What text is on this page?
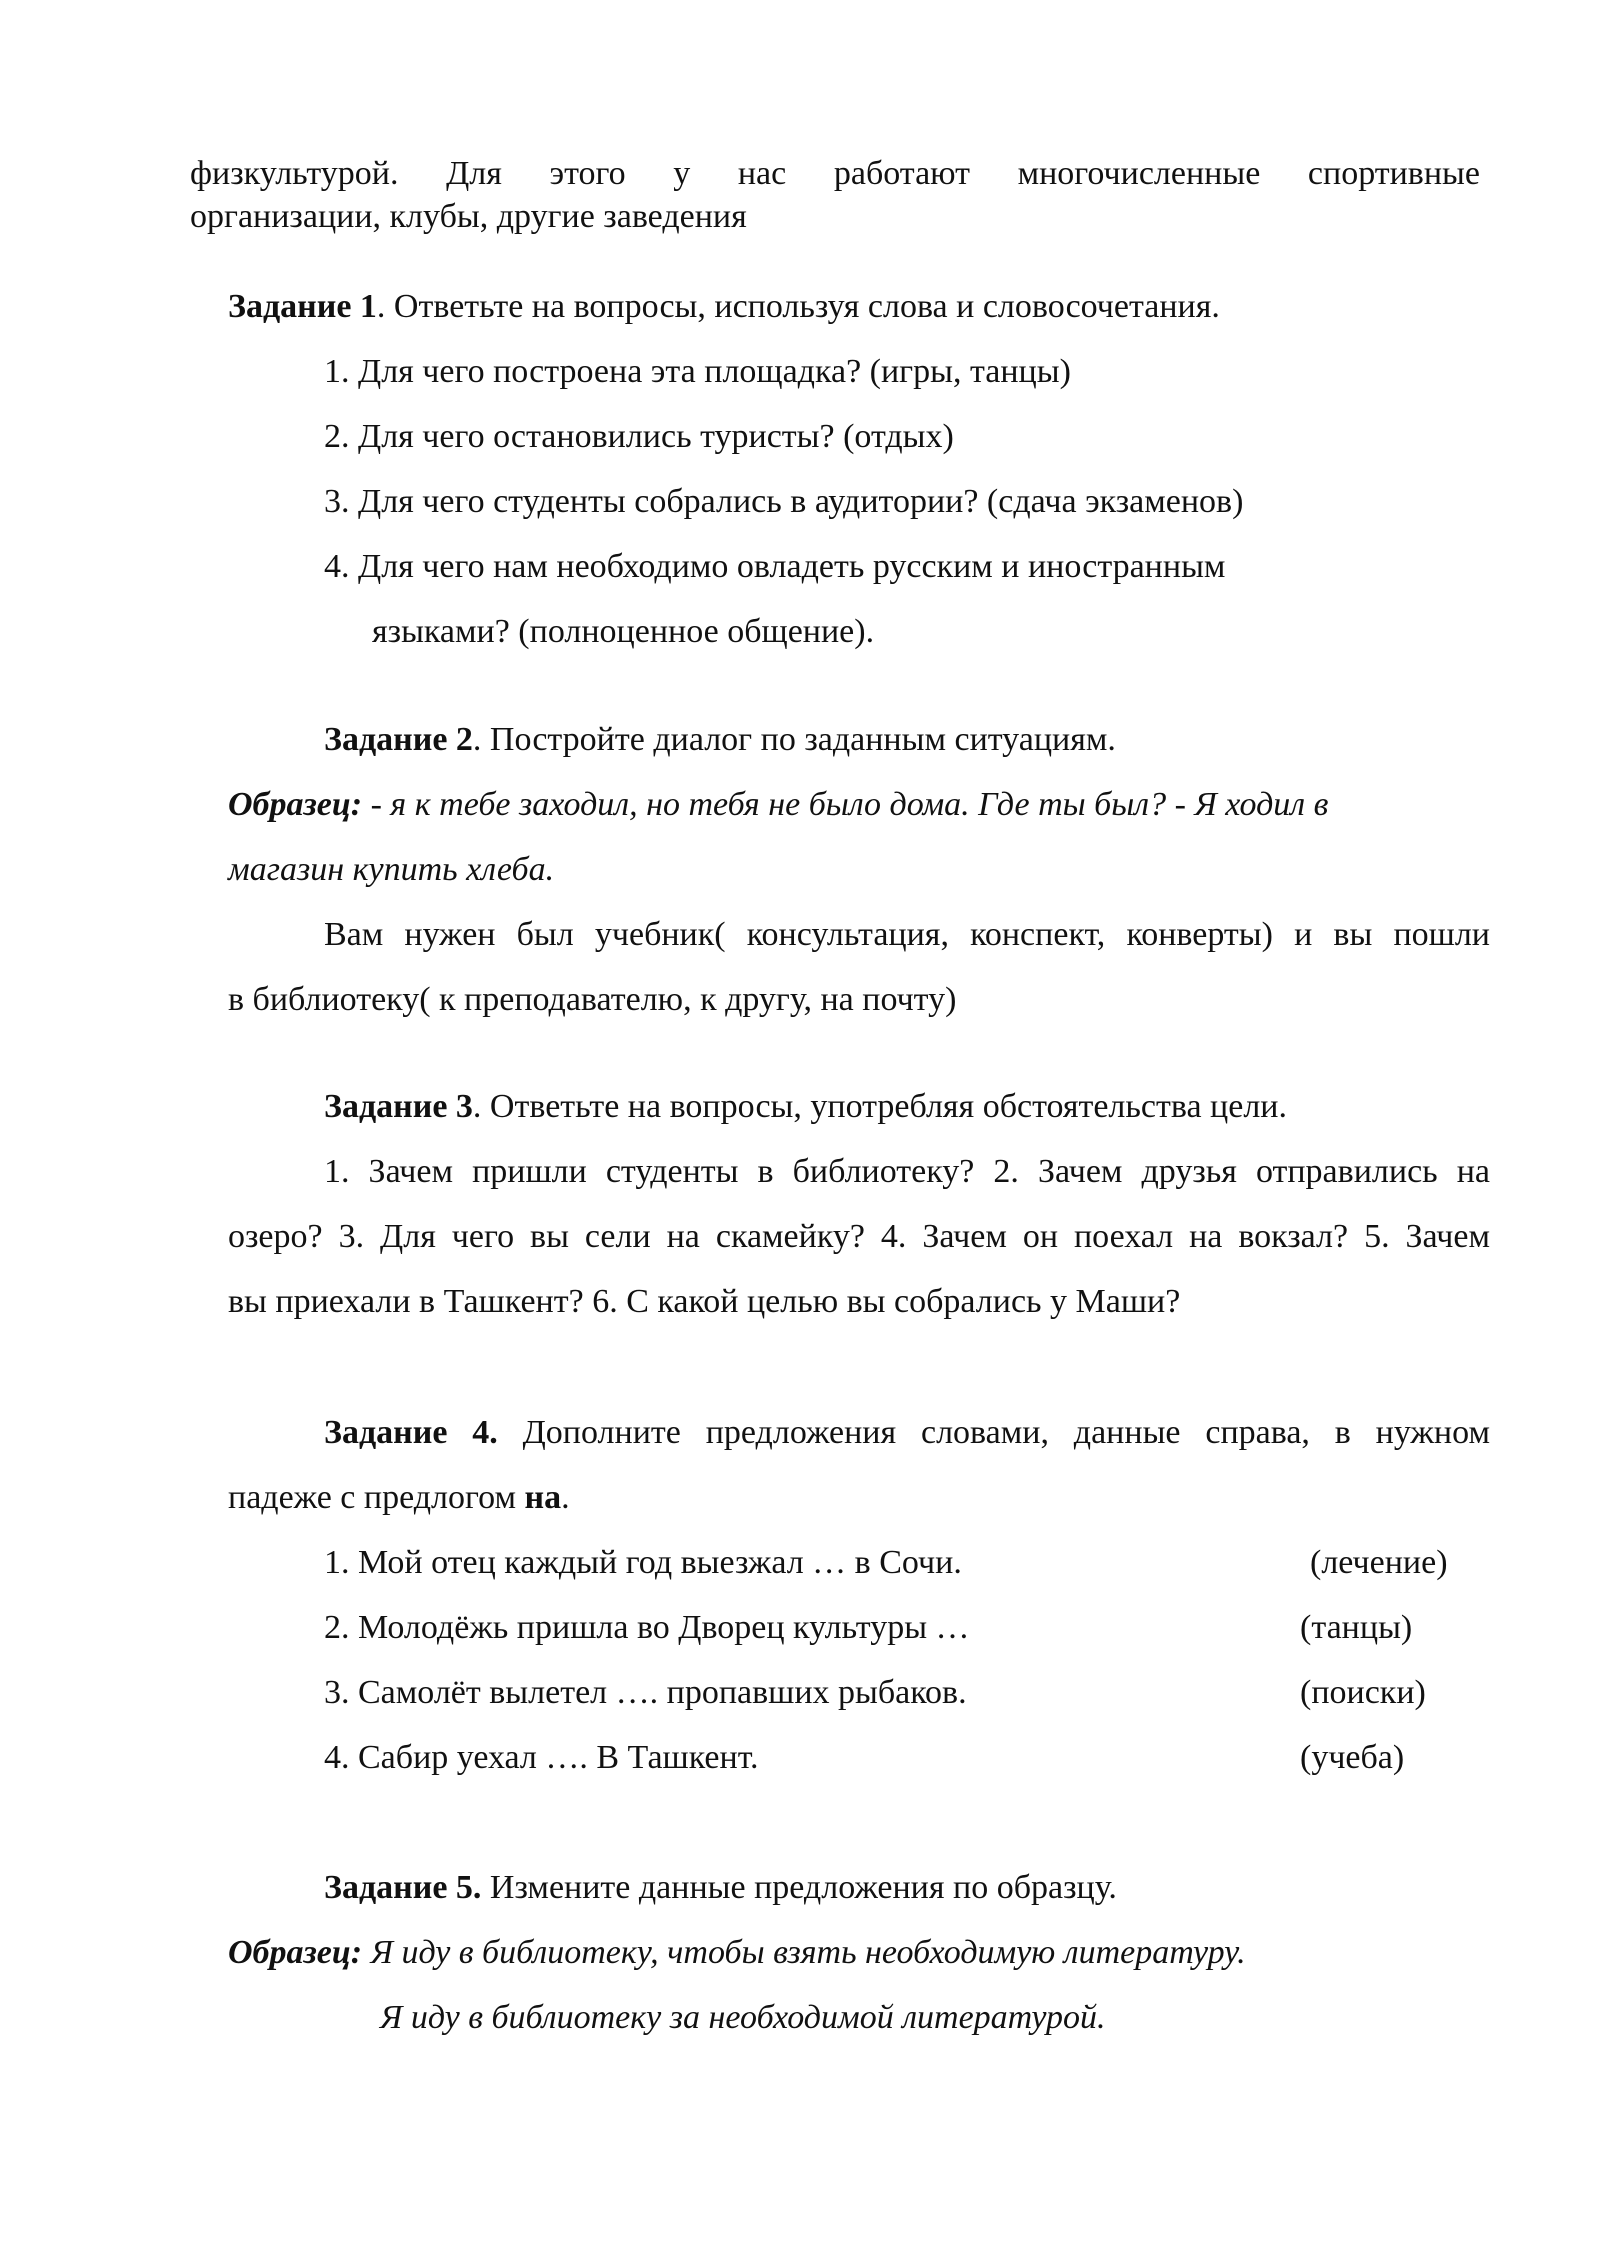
физкультурой. Для этого у нас работают многочисленные спортивные
организации, клубы, другие заведения
Задание 1. Ответьте на вопросы, используя слова и словосочетания.
1. Для чего построена эта площадка? (игры, танцы)
2. Для чего остановились туристы? (отдых)
3. Для чего студенты собрались в аудитории? (сдача экзаменов)
4. Для чего нам необходимо овладеть русским и иностранным
языками? (полноценное общение).
Задание 2. Постройте диалог по заданным ситуациям.
Образец: - я к тебе заходил, но тебя не было дома. Где ты был? - Я ходил в
магазин купить хлеба.
Вам нужен был учебник( консультация, конспект, конверты) и вы пошли
в библиотеку( к преподавателю, к другу, на почту)
Задание 3. Ответьте на вопросы, употребляя обстоятельства цели.
1. Зачем пришли студенты в библиотеку? 2. Зачем друзья отправились на
озеро? 3. Для чего вы сели на скамейку? 4. Зачем он поехал на вокзал? 5. Зачем
вы приехали в Ташкент? 6. С какой целью вы собрались у Маши?
Задание 4. Дополните предложения словами, данные справа, в нужном
падеже с предлогом на.
1. Мой отец каждый год выезжал … в Сочи.	(лечение)
2. Молодёжь пришла во Дворец культуры …	(танцы)
3. Самолёт вылетел …. пропавших рыбаков.	(поиски)
4. Сабир уехал …. В Ташкент.	(учеба)
Задание 5. Измените данные предложения по образцу.
Образец: Я иду в библиотеку, чтобы взять необходимую литературу.
Я иду в библиотеку за необходимой литературой.
